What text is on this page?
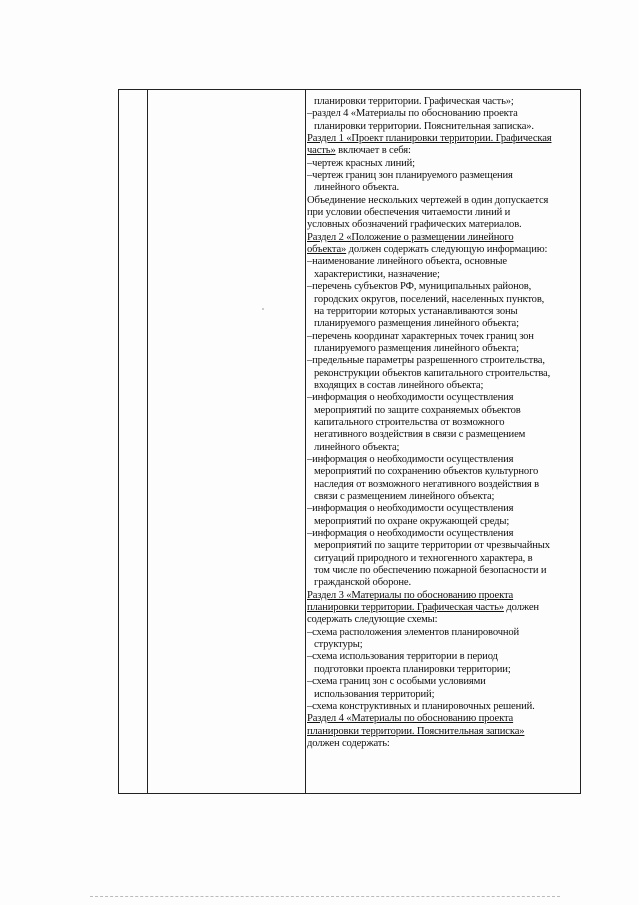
планировки территории. Графическая часть»;
–раздел 4 «Материалы по обоснованию проекта
планировки территории. Пояснительная записка».
Раздел 1 «Проект планировки территории. Графическая
часть» включает в себя:
–чертеж красных линий;
–чертеж границ зон планируемого размещения
линейного объекта.
Объединение нескольких чертежей в один допускается
при условии обеспечения читаемости линий и
условных обозначений графических материалов.
Раздел 2 «Положение о размещении линейного
объекта» должен содержать следующую информацию:
–наименование линейного объекта, основные
характеристики, назначение;
–перечень субъектов РФ, муниципальных районов,
городских округов, поселений, населенных пунктов,
на территории которых устанавливаются зоны
планируемого размещения линейного объекта;
–перечень координат характерных точек границ зон
планируемого размещения линейного объекта;
–предельные параметры разрешенного строительства,
реконструкции объектов капитального строительства,
входящих в состав линейного объекта;
–информация о необходимости осуществления
мероприятий по защите сохраняемых объектов
капитального строительства от возможного
негативного воздействия в связи с размещением
линейного объекта;
–информация о необходимости осуществления
мероприятий по сохранению объектов культурного
наследия от возможного негативного воздействия в
связи с размещением линейного объекта;
–информация о необходимости осуществления
мероприятий по охране окружающей среды;
–информация о необходимости осуществления
мероприятий по защите территории от чрезвычайных
ситуаций природного и техногенного характера, в
том числе по обеспечению пожарной безопасности и
гражданской обороне.
Раздел 3 «Материалы по обоснованию проекта
планировки территории. Графическая часть» должен
содержать следующие схемы:
–схема расположения элементов планировочной
структуры;
–схема использования территории в период
подготовки проекта планировки территории;
–схема границ зон с особыми условиями
использования территорий;
–схема конструктивных и планировочных решений.
Раздел 4 «Материалы по обоснованию проекта
планировки территории. Пояснительная записка»
должен содержать:
